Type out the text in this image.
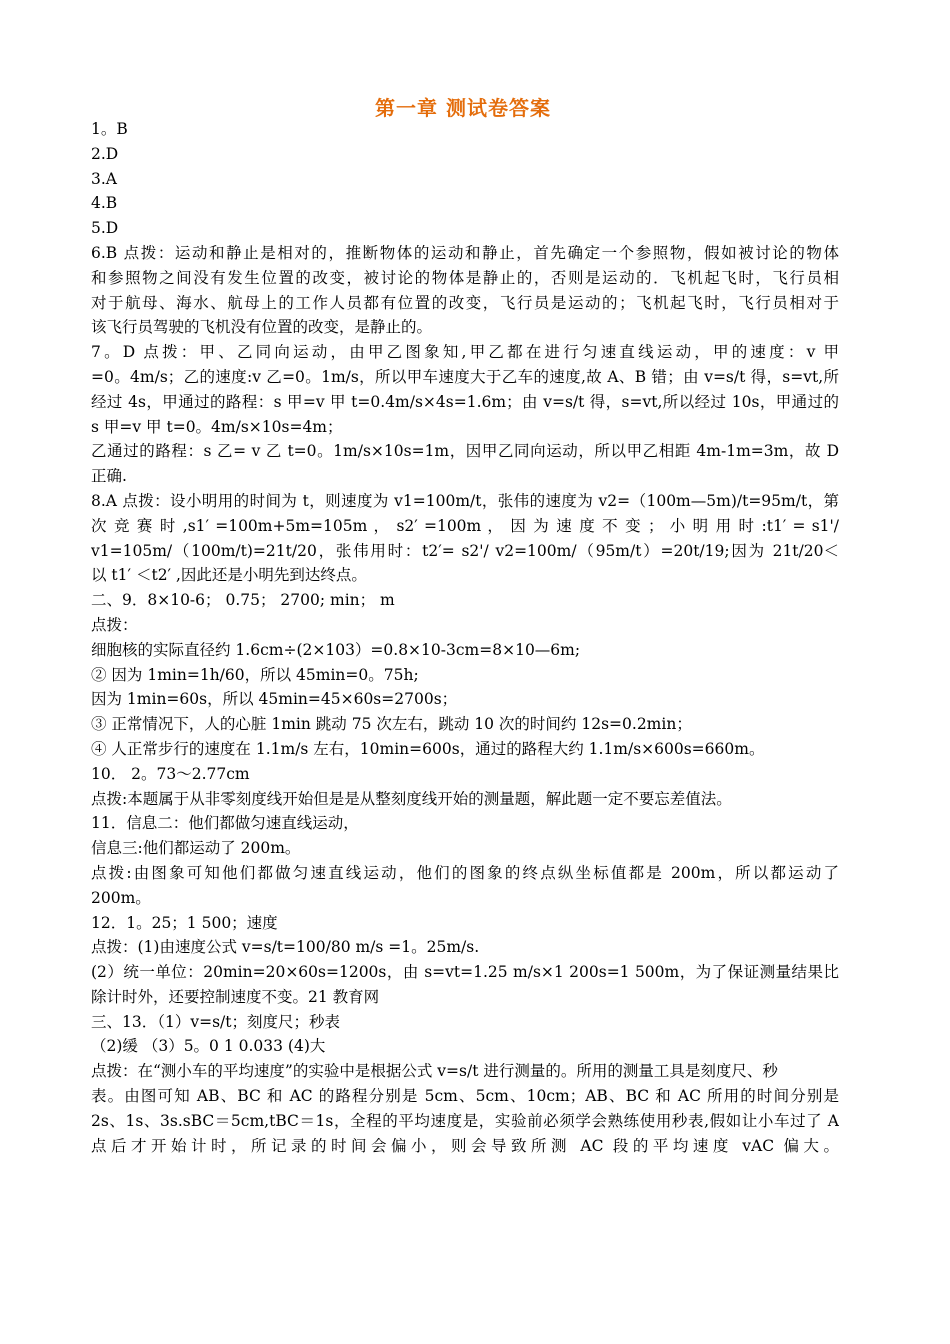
第一章 测试卷答案
1。B
2.D
3.A
4.B
5.D
6.B 点拨：运动和静止是相对的，推断物体的运动和静止，首先确定一个参照物，假如被讨论的物体
和参照物之间没有发生位置的改变，被讨论的物体是静止的，否则是运动的．飞机起飞时，飞行员相
对于航母、海水、航母上的工作人员都有位置的改变，飞行员是运动的；飞机起飞时，飞行员相对于
该飞行员驾驶的飞机没有位置的改变，是静止的。
7。D 点拨：甲、乙同向运动，由甲乙图象知,甲乙都在进行匀速直线运动，甲的速度：v 甲
=0。4m/s；乙的速度:v 乙=0。1m/s，所以甲车速度大于乙车的速度,故 A、B 错；由 v=s/t 得，s=vt,所
经过 4s，甲通过的路程：s 甲=v 甲 t=0.4m/s×4s=1.6m；由 v=s/t 得，s=vt,所以经过 10s，甲通过的
s 甲=v 甲 t=0。4m/s×10s=4m；
乙通过的路程：s 乙= v 乙 t=0。1m/s×10s=1m，因甲乙同向运动，所以甲乙相距 4m-1m=3m，故 D
正确.
8.A 点拨：设小明用的时间为 t，则速度为 v1=100m/t，张伟的速度为 v2=（100m—5m)/t=95m/t，第
次 竞 赛 时 ,s1′ =100m+5m=105m ， s2′ =100m ， 因 为 速 度 不 变 ； 小 明 用 时 :t1′ = s1'/
v1=105m/（100m/t)=21t/20，张伟用时：t2′= s2'/ v2=100m/（95m/t）=20t/19;因为 21t/20＜
以 t1′ ＜t2′ ,因此还是小明先到达终点。
二、9．8×10-6； 0.75； 2700; min； m
点拨：
细胞核的实际直径约 1.6cm÷(2×103）=0.8×10-3cm=8×10—6m;
② 因为 1min=1h/60，所以 45min=0。75h;
因为 1min=60s，所以 45min=45×60s=2700s；
③ 正常情况下，人的心脏 1min 跳动 75 次左右，跳动 10 次的时间约 12s=0.2min；
④ 人正常步行的速度在 1.1m/s 左右，10min=600s，通过的路程大约 1.1m/s×600s=660m。
10． 2。73～2.77cm
点拨:本题属于从非零刻度线开始但是是从整刻度线开始的测量题，解此题一定不要忘差值法。
11．信息二：他们都做匀速直线运动，
信息三:他们都运动了 200m。
点拨:由图象可知他们都做匀速直线运动，他们的图象的终点纵坐标值都是 200m，所以都运动了
200m。
12．1。25；1 500；速度
点拨：(1)由速度公式 v=s/t=100/80 m/s =1。25m/s.
(2）统一单位：20min=20×60s=1200s，由 s=vt=1.25 m/s×1 200s=1 500m，为了保证测量结果比
除计时外，还要控制速度不变。21 教育网
三、13．（1）v=s/t；刻度尺；秒表
（2)缓 （3）5。0 1 0.033 (4)大
点拨：在“测小车的平均速度”的实验中是根据公式 v=s/t 进行测量的。所用的测量工具是刻度尺、秒
表。由图可知 AB、BC 和 AC 的路程分别是 5cm、5cm、10cm；AB、BC 和 AC 所用的时间分别是
2s、1s、3s.sBC＝5cm,tBC＝1s，全程的平均速度是，实验前必须学会熟练使用秒表,假如让小车过了 A
点后才开始计时，所记录的时间会偏小，则会导致所测 AC 段的平均速度 vAC 偏大。
